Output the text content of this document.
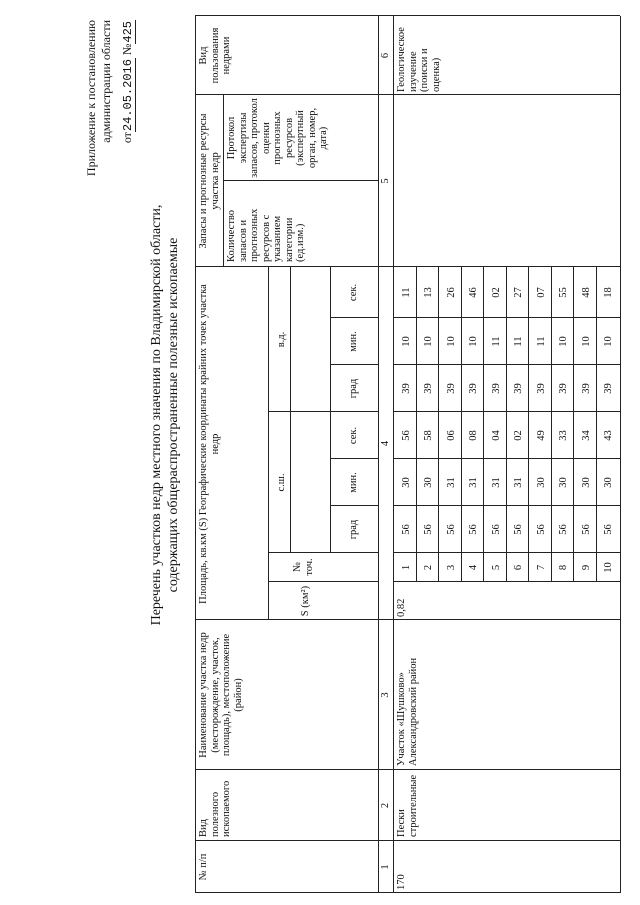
Приложение к постановлению администрации области от24.05.2016 №425
Перечень участков недр местного значения по Владимирской области, содержащих общераспространенные полезные ископаемые
№ п/п
Вид полезного ископаемого
Наименование участка недр (месторождение, участок, площадь), местоположение (район)
Площадь, кв.км (S) Географические координаты крайних точек участка недр
S (км²)
№ точ.
с.ш.
в.д.
град
мин.
сек.
град
мин.
сек.
Запасы и прогнозные ресурсы участка недр
Количество запасов и прогнозных ресурсов с указанием категории (ед.изм.)
Протокол экспертизы запасов, протокол оценки прогнозных ресурсов (экспертный орган, номер, дата)
Вид пользования недрами
1
2
3
4
5
6
170
Пески строительные
Участок «Шушково» Александровский район
0,82
Геологическое изучение (поиски и оценка)
1
56
30
56
39
10
11
2
56
30
58
39
10
13
3
56
31
06
39
10
26
4
56
31
08
39
10
46
5
56
31
04
39
11
02
6
56
31
02
39
11
27
7
56
30
49
39
11
07
8
56
30
33
39
10
55
9
56
30
34
39
10
48
10
56
30
43
39
10
18
